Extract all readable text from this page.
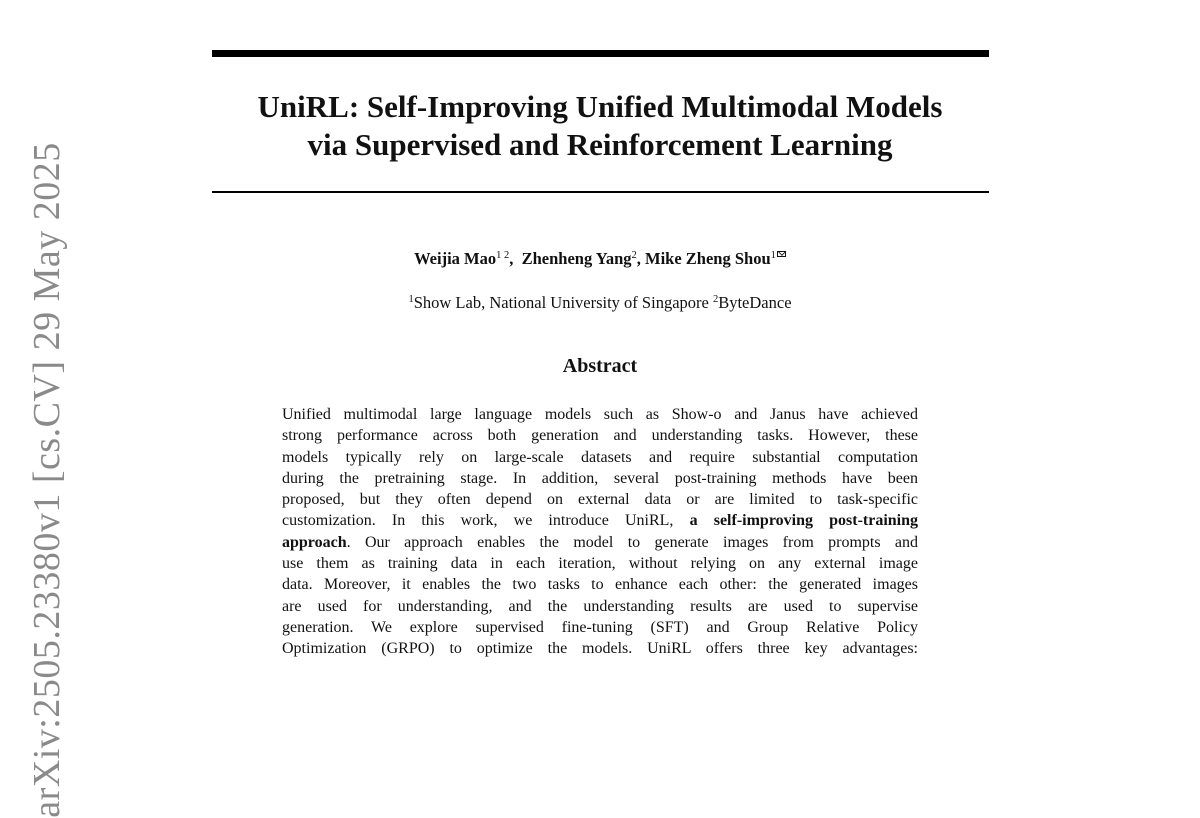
arXiv:2505.23380v1 [cs.CV] 29 May 2025
UniRL: Self-Improving Unified Multimodal Models
via Supervised and Reinforcement Learning
Weijia Mao$^{1 2}$,  Zhenheng Yang$^2$, Mike Zheng Shou$^1$
$^1$Show Lab, National University of Singapore $^2$ByteDance
Abstract
Unified multimodal large language models such as Show-o and Janus have achieved
strong performance across both generation and understanding tasks. However, these
models typically rely on large-scale datasets and require substantial computation
during the pretraining stage. In addition, several post-training methods have been
proposed, but they often depend on external data or are limited to task-specific
customization. In this work, we introduce UniRL, a self-improving post-training
approach. Our approach enables the model to generate images from prompts and
use them as training data in each iteration, without relying on any external image
data. Moreover, it enables the two tasks to enhance each other: the generated images
are used for understanding, and the understanding results are used to supervise
generation. We explore supervised fine-tuning (SFT) and Group Relative Policy
Optimization (GRPO) to optimize the models. UniRL offers three key advantages:
